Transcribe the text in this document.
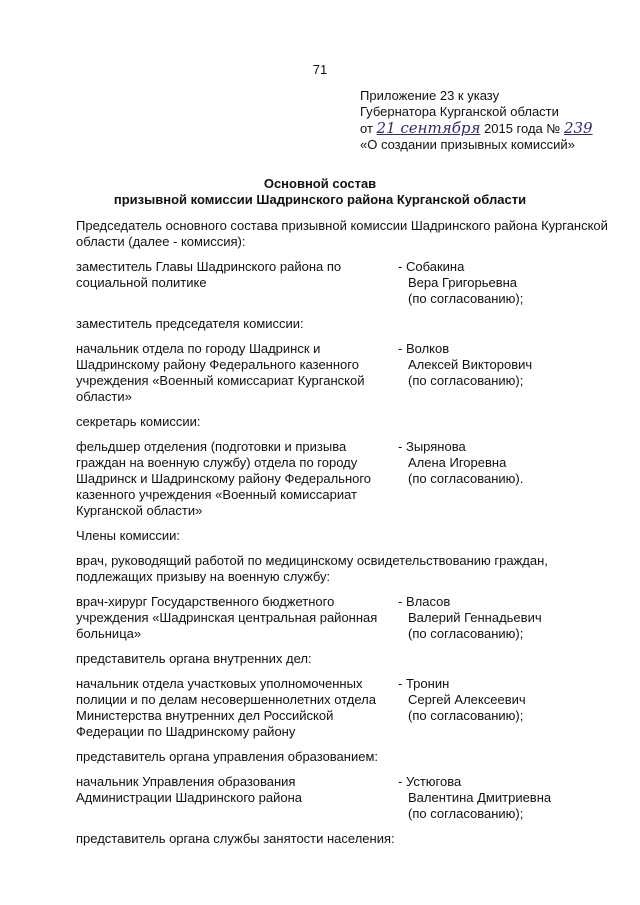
71
Приложение 23 к указу
Губернатора Курганской области
от 21 сентября 2015 года № 239
«О создании призывных комиссий»
Основной состав
призывной комиссии Шадринского района Курганской области
Председатель основного состава призывной комиссии Шадринского района Курганской области (далее - комиссия):
заместитель Главы Шадринского района по социальной политике
- Собакина
Вера Григорьевна
(по согласованию);
заместитель председателя комиссии:
начальник отдела по городу Шадринск и Шадринскому району Федерального казенного учреждения «Военный комиссариат Курганской области»
- Волков
Алексей Викторович
(по согласованию);
секретарь комиссии:
фельдшер отделения (подготовки и призыва граждан на военную службу) отдела по городу Шадринск и Шадринскому району Федерального казенного учреждения «Военный комиссариат Курганской области»
- Зырянова
Алена Игоревна
(по согласованию).
Члены комиссии:
врач, руководящий работой по медицинскому освидетельствованию граждан, подлежащих призыву на военную службу:
врач-хирург Государственного бюджетного учреждения «Шадринская центральная районная больница»
- Власов
Валерий Геннадьевич
(по согласованию);
представитель органа внутренних дел:
начальник отдела участковых уполномоченных полиции и по делам несовершеннолетних отдела Министерства внутренних дел Российской Федерации по Шадринскому району
- Тронин
Сергей Алексеевич
(по согласованию);
представитель органа управления образованием:
начальник Управления образования Администрации Шадринского района
- Устюгова
Валентина Дмитриевна
(по согласованию);
представитель органа службы занятости населения:
